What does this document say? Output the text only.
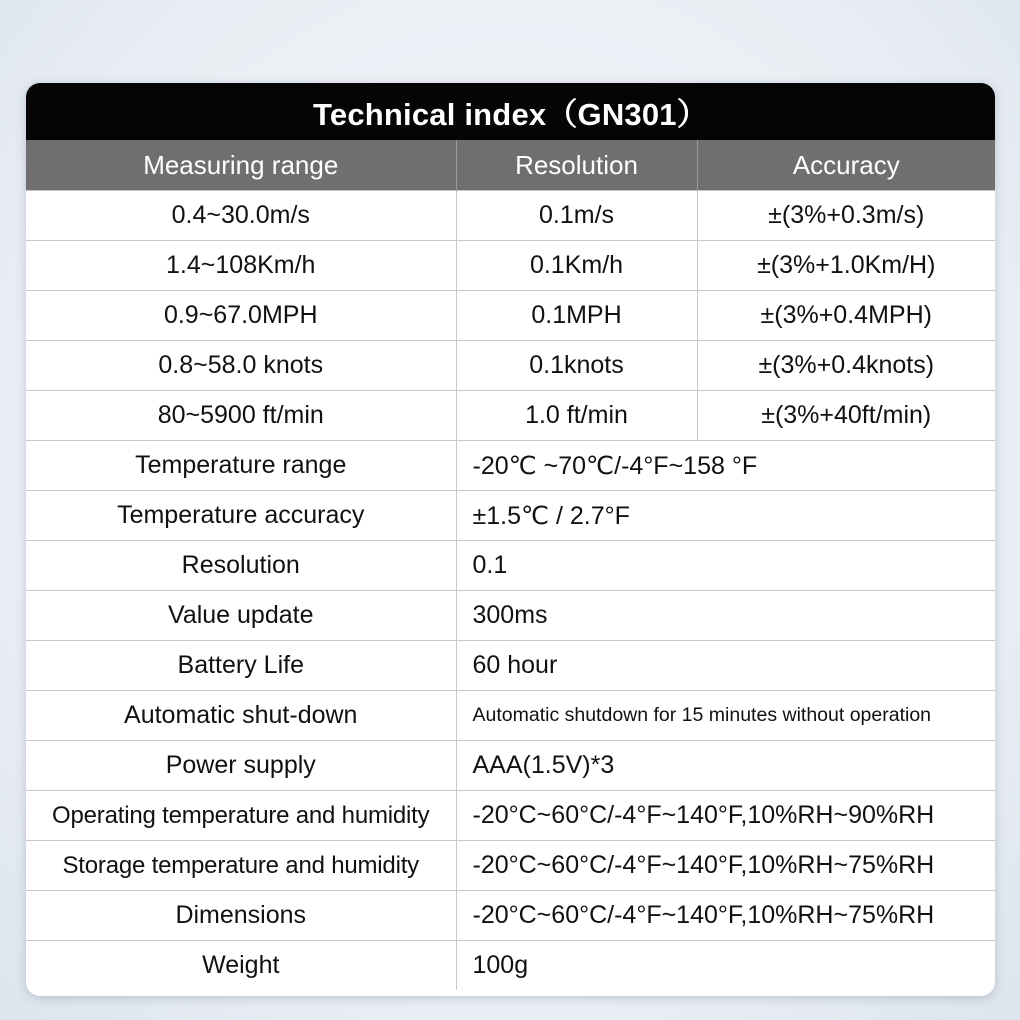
Technical index（GN301）
Measuring range	Resolution	Accuracy
0.4~30.0m/s	0.1m/s	±(3%+0.3m/s)
1.4~108Km/h	0.1Km/h	±(3%+1.0Km/H)
0.9~67.0MPH	0.1MPH	±(3%+0.4MPH)
0.8~58.0 knots	0.1knots	±(3%+0.4knots)
80~5900 ft/min	1.0 ft/min	±(3%+40ft/min)
Temperature range	-20℃ ~70℃/-4°F~158 °F	
Temperature accuracy	±1.5℃ / 2.7°F	
Resolution	0.1	
Value update	300ms	
Battery Life	60 hour	
Automatic shut-down	Automatic shutdown for 15 minutes without operation	
Power supply	AAA(1.5V)*3	
Operating temperature and humidity	-20°C~60°C/-4°F~140°F,10%RH~90%RH	
Storage temperature and humidity	-20°C~60°C/-4°F~140°F,10%RH~75%RH	
Dimensions	-20°C~60°C/-4°F~140°F,10%RH~75%RH	
Weight	100g	
